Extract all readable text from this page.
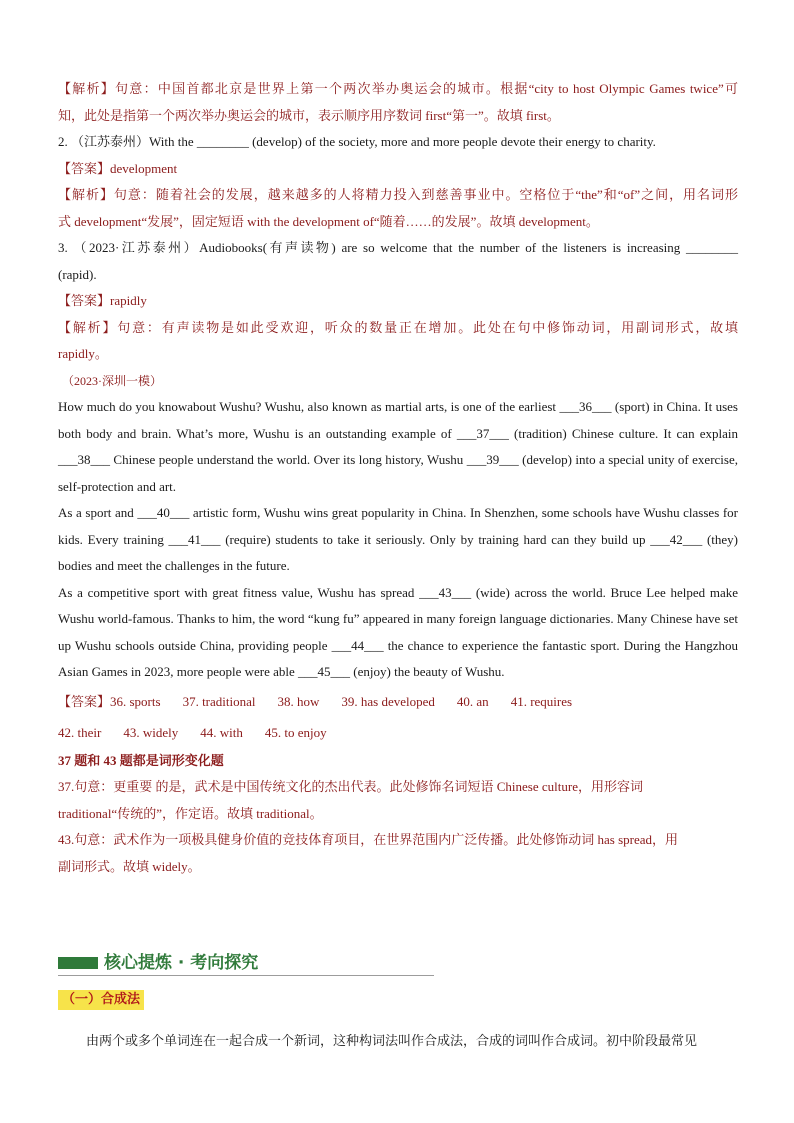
【解析】句意：中国首都北京是世界上第一个两次举办奥运会的城市。根据“city to host Olympic Games twice”可

知，此处是指第一个两次举办奥运会的城市，表示顺序用序数词 first“第一”。故填 first。

2. （江苏泰州）With the ________ (develop) of the society, more and more people devote their energy to charity.

【答案】development

【解析】句意：随着社会的发展，越来越多的人将精力投入到慈善事业中。空格位于“the”和“of”之间，用名词形

式 development“发展”，固定短语 with the development of“随着……的发展”。故填 development。

3. （2023·江苏泰州）Audiobooks(有声读物) are so welcome that the number of the listeners is increasing ________

(rapid).

【答案】rapidly

【解析】句意：有声读物是如此受欢迎，听众的数量正在增加。此处在句中修饰动词，用副词形式，故填

rapidly。

（2023·深圳一模）

How much do you knowabout Wushu? Wushu, also known as martial arts, is one of the earliest ___36___ (sport) in China. It uses both body and brain. What’s more, Wushu is an outstanding example of ___37___ (tradition) Chinese culture. It can explain ___38___ Chinese people understand the world. Over its long history, Wushu ___39___ (develop) into a special unity of exercise, self-protection and art.

As a sport and ___40___ artistic form, Wushu wins great popularity in China. In Shenzhen, some schools have Wushu classes for kids. Every training ___41___ (require) students to take it seriously. Only by training hard can they build up ___42___ (they) bodies and meet the challenges in the future.

As a competitive sport with great fitness value, Wushu has spread ___43___ (wide) across the world. Bruce Lee helped make Wushu world-famous. Thanks to him, the word “kung fu” appeared in many foreign language dictionaries. Many Chinese have set up Wushu schools outside China, providing people ___44___ the chance to experience the fantastic sport. During the Hangzhou Asian Games in 2023, more people were able ___45___ (enjoy) the beauty of Wushu.

【答案】36. sports 37. traditional 38. how 39. has developed 40. an 41. requires
42. their 43. widely 44. with 45. to enjoy

37 题和 43 题都是词形变化题

37.句意：更重要 的是，武术是中国传统文化的杰出代表。此处修饰名词短语 Chinese culture，用形容词

traditional“传统的”，作定语。故填 traditional。

43.句意：武术作为一项极具健身价值的竞技体育项目，在世界范围内广泛传播。此处修饰动词 has spread，用

副词形式。故填 widely。

核心提炼 · 考向探究
（一）合成法

由两个或多个单词连在一起合成一个新词，这种构词法叫作合成法，合成的词叫作合成词。初中阶段最常见
